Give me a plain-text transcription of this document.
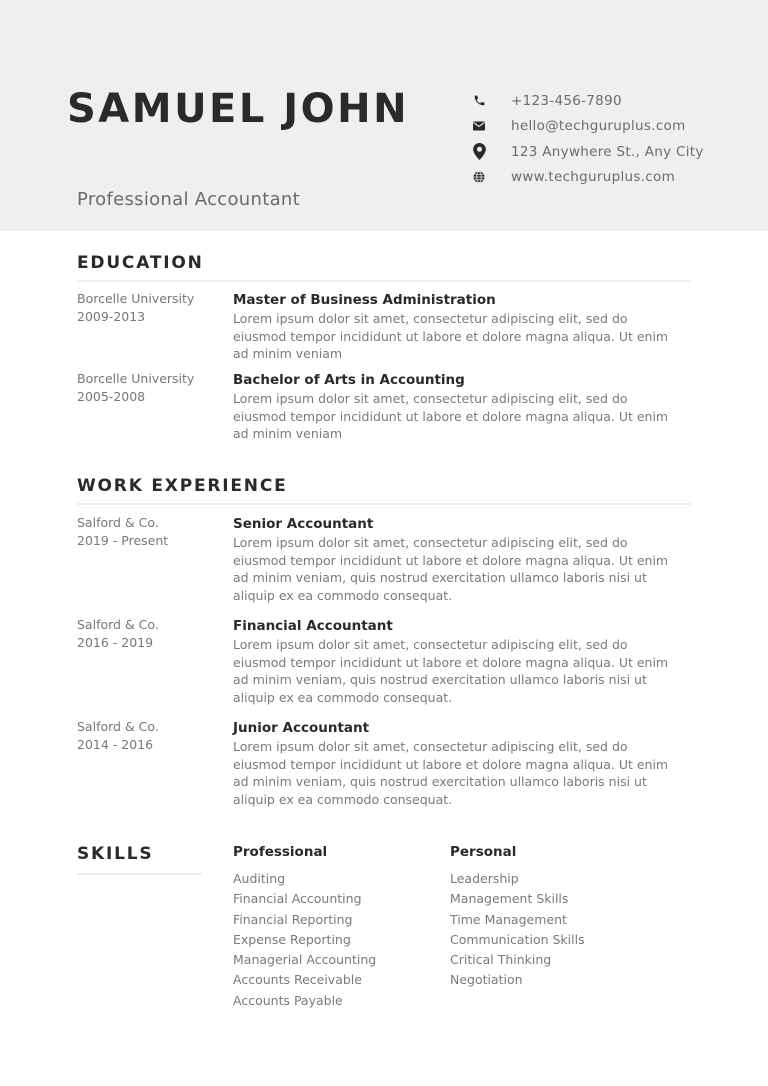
SAMUEL JOHN
Professional Accountant
+123-456-7890
hello@techguruplus.com
123 Anywhere St., Any City
www.techguruplus.com
EDUCATION
Borcelle University
2009-2013
Master of Business Administration
Lorem ipsum dolor sit amet, consectetur adipiscing elit, sed do eiusmod tempor incididunt ut labore et dolore magna aliqua. Ut enim ad minim veniam
Borcelle University
2005-2008
Bachelor of Arts in Accounting
Lorem ipsum dolor sit amet, consectetur adipiscing elit, sed do eiusmod tempor incididunt ut labore et dolore magna aliqua. Ut enim ad minim veniam
WORK EXPERIENCE
Salford & Co.
2019 - Present
Senior Accountant
Lorem ipsum dolor sit amet, consectetur adipiscing elit, sed do eiusmod tempor incididunt ut labore et dolore magna aliqua. Ut enim ad minim veniam, quis nostrud exercitation ullamco laboris nisi ut aliquip ex ea commodo consequat.
Salford & Co.
2016 - 2019
Financial Accountant
Lorem ipsum dolor sit amet, consectetur adipiscing elit, sed do eiusmod tempor incididunt ut labore et dolore magna aliqua. Ut enim ad minim veniam, quis nostrud exercitation ullamco laboris nisi ut aliquip ex ea commodo consequat.
Salford & Co.
2014 - 2016
Junior Accountant
Lorem ipsum dolor sit amet, consectetur adipiscing elit, sed do eiusmod tempor incididunt ut labore et dolore magna aliqua. Ut enim ad minim veniam, quis nostrud exercitation ullamco laboris nisi ut aliquip ex ea commodo consequat.
SKILLS	Professional
Auditing
Financial Accounting
Financial Reporting
Expense Reporting
Managerial Accounting
Accounts Receivable
Accounts Payable
Personal
Leadership
Management Skills
Time Management
Communication Skills
Critical Thinking
Negotiation
